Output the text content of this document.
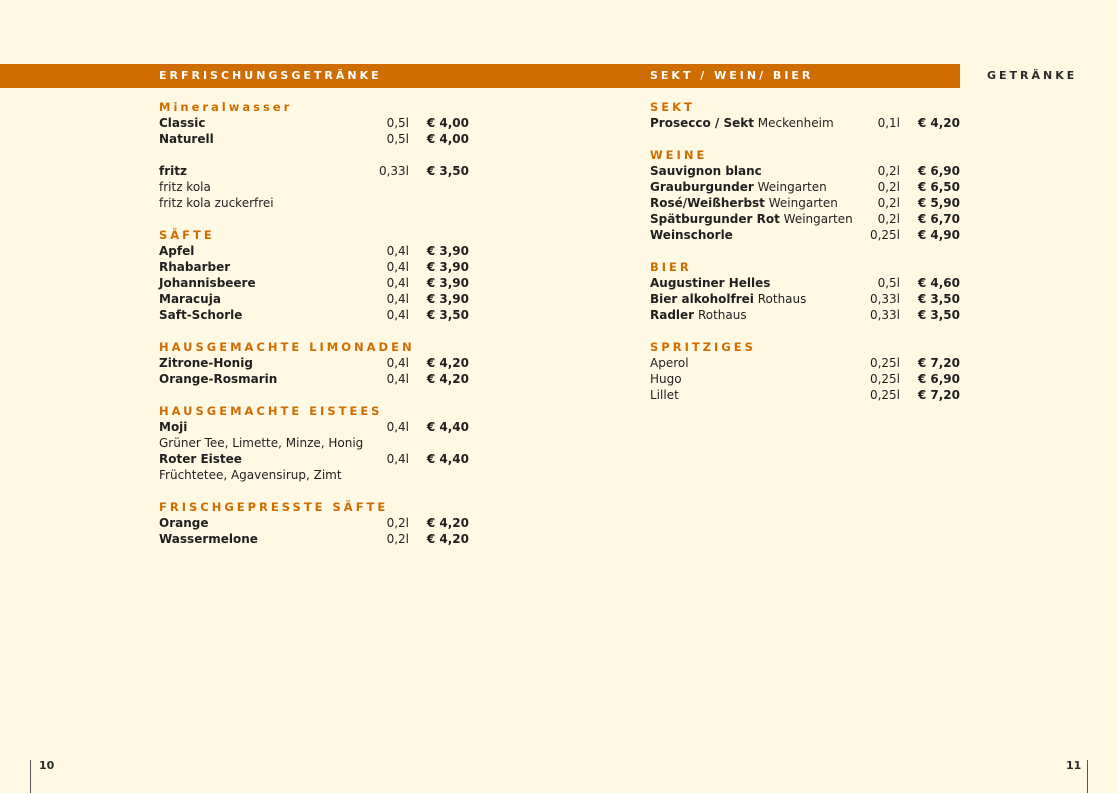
ERFRISCHUNGSGETRÄNKE	SEKT / WEIN/ BIER	GETRÄNKE
Mineralwasser
Classic	0,5l € 4,00
Naturell	0,5l € 4,00
fritz	0,33l € 3,50
fritz kola
fritz kola zuckerfrei
SÄFTE
Apfel	0,4l € 3,90
Rhabarber	0,4l € 3,90
Johannisbeere	0,4l € 3,90
Maracuja	0,4l € 3,90
Saft-Schorle	0,4l € 3,50
HAUSGEMACHTE LIMONADEN
Zitrone-Honig	0,4l € 4,20
Orange-Rosmarin	0,4l € 4,20
HAUSGEMACHTE EISTEES
Moji	0,4l € 4,40
Grüner Tee, Limette, Minze, Honig
Roter Eistee	0,4l € 4,40
Früchtetee, Agavensirup, Zimt
FRISCHGEPRESSTE SÄFTE
Orange	0,2l € 4,20
Wassermelone	0,2l € 4,20
SEKT
Prosecco / Sekt Meckenheim	0,1l € 4,20
WEINE
Sauvignon blanc	0,2l € 6,90
Grauburgunder Weingarten	0,2l € 6,50
Rosé/Weißherbst Weingarten	0,2l € 5,90
Spätburgunder Rot Weingarten 0,2l € 6,70
Weinschorle	0,25l € 4,90
BIER
Augustiner Helles	0,5l € 4,60
Bier alkoholfrei Rothaus	0,33l € 3,50
Radler Rothaus	0,33l € 3,50
SPRITZIGES
Aperol	0,25l € 7,20
Hugo	0,25l € 6,90
Lillet	0,25l € 7,20
10	11
